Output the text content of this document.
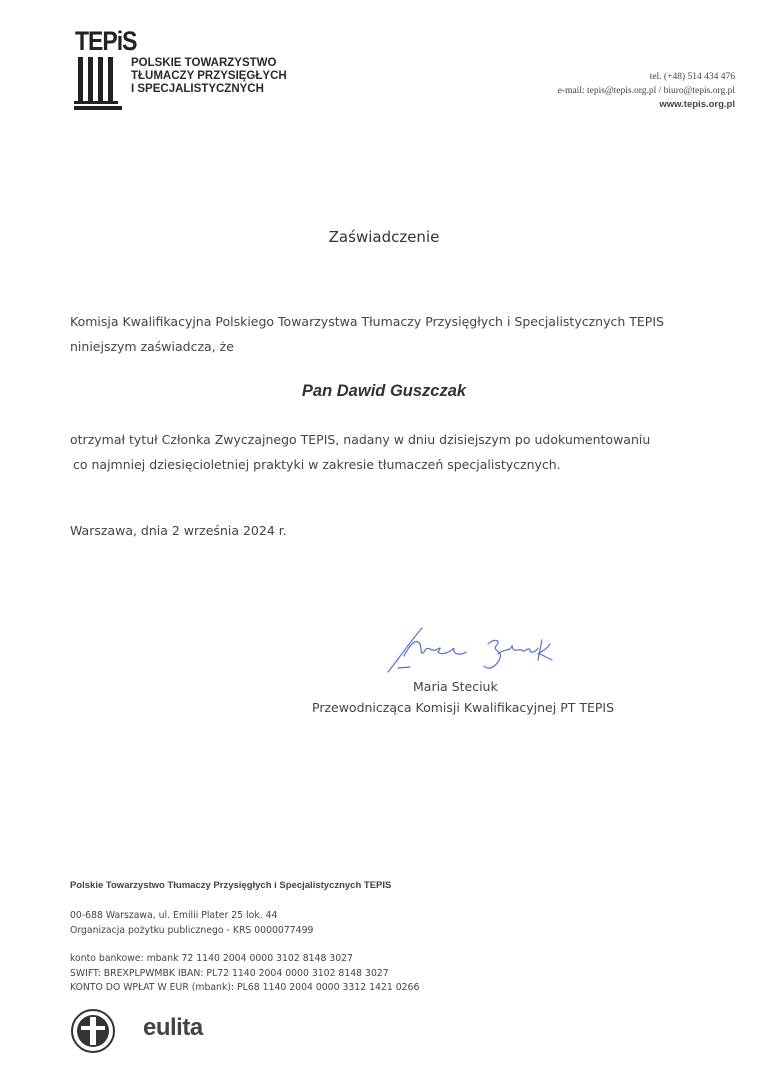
TEPiS
POLSKIE TOWARZYSTWO
TŁUMACZY PRZYSIĘGŁYCH
I SPECJALISTYCZNYCH
tel. (+48) 514 434 476
e-mail: tepis@tepis.org.pl / biuro@tepis.org.pl
www.tepis.org.pl
Zaświadczenie
Komisja Kwalifikacyjna Polskiego Towarzystwa Tłumaczy Przysięgłych i Specjalistycznych TEPIS
niniejszym zaświadcza, że
Pan Dawid Guszczak
otrzymał tytuł Członka Zwyczajnego TEPIS, nadany w dniu dzisiejszym po udokumentowaniu
co najmniej dziesięcioletniej praktyki w zakresie tłumaczeń specjalistycznych.
Warszawa, dnia 2 września 2024 r.
Maria Steciuk
Przewodnicząca Komisji Kwalifikacyjnej PT TEPIS
Polskie Towarzystwo Tłumaczy Przysięgłych i Specjalistycznych TEPIS
00-688 Warszawa, ul. Emilii Plater 25 lok. 44
Organizacja pożytku publicznego - KRS 0000077499
konto bankowe: mbank 72 1140 2004 0000 3102 8148 3027
SWIFT: BREXPLPWMBK IBAN: PL72 1140 2004 0000 3102 8148 3027
KONTO DO WPŁAT W EUR (mbank): PL68 1140 2004 0000 3312 1421 0266
eulita
